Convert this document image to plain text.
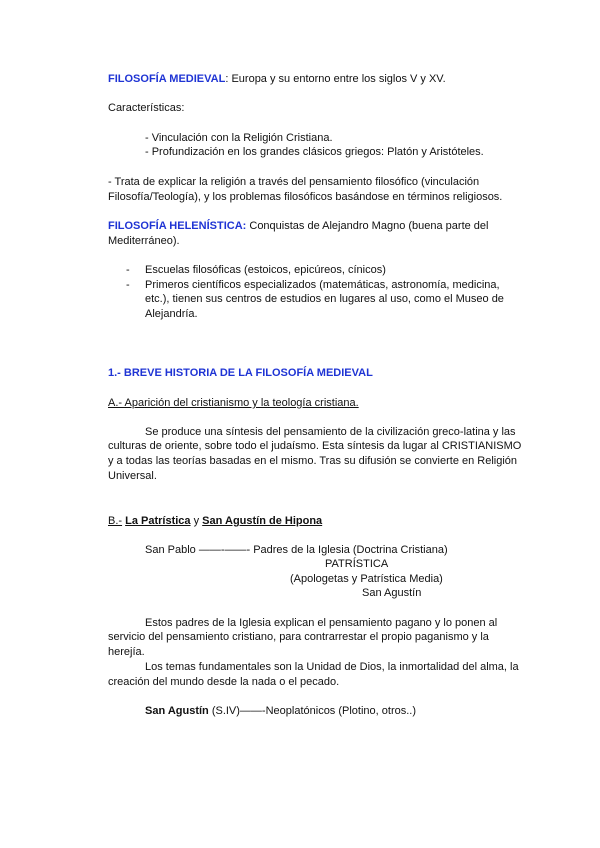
FILOSOFÍA MEDIEVAL: Europa y su entorno entre los siglos V y XV.
Características:
- Vinculación con la Religión Cristiana.
- Profundización en los grandes clásicos griegos: Platón y Aristóteles.
- Trata de explicar la religión a través del pensamiento filosófico (vinculación
Filosofía/Teología), y los problemas filosóficos basándose en términos religiosos.
FILOSOFÍA HELENÍSTICA: Conquistas de Alejandro Magno (buena parte del
Mediterráneo).
- Escuelas filosóficas (estoicos, epicúreos, cínicos)
- Primeros científicos especializados (matemáticas, astronomía, medicina,
etc.), tienen sus centros de estudios en lugares al uso, como el Museo de
Alejandría.
1.- BREVE HISTORIA DE LA FILOSOFÍA MEDIEVAL
A.- Aparición del cristianismo y la teología cristiana.
Se produce una síntesis del pensamiento de la civilización greco-latina y las
culturas de oriente, sobre todo el judaísmo. Esta síntesis da lugar al CRISTIANISMO
y a todas las teorías basadas en el mismo. Tras su difusión se convierte en Religión
Universal.
B.- La Patrística y San Agustín de Hipona
San Pablo ——-——- Padres de la Iglesia (Doctrina Cristiana)
PATRÍSTICA
(Apologetas y Patrística Media)
San Agustín
Estos padres de la Iglesia explican el pensamiento pagano y lo ponen al
servicio del pensamiento cristiano, para contrarrestar el propio paganismo y la
herejía.
Los temas fundamentales son la Unidad de Dios, la inmortalidad del alma, la
creación del mundo desde la nada o el pecado.
San Agustín (S.IV)——-Neoplatónicos (Plotino, otros..)
